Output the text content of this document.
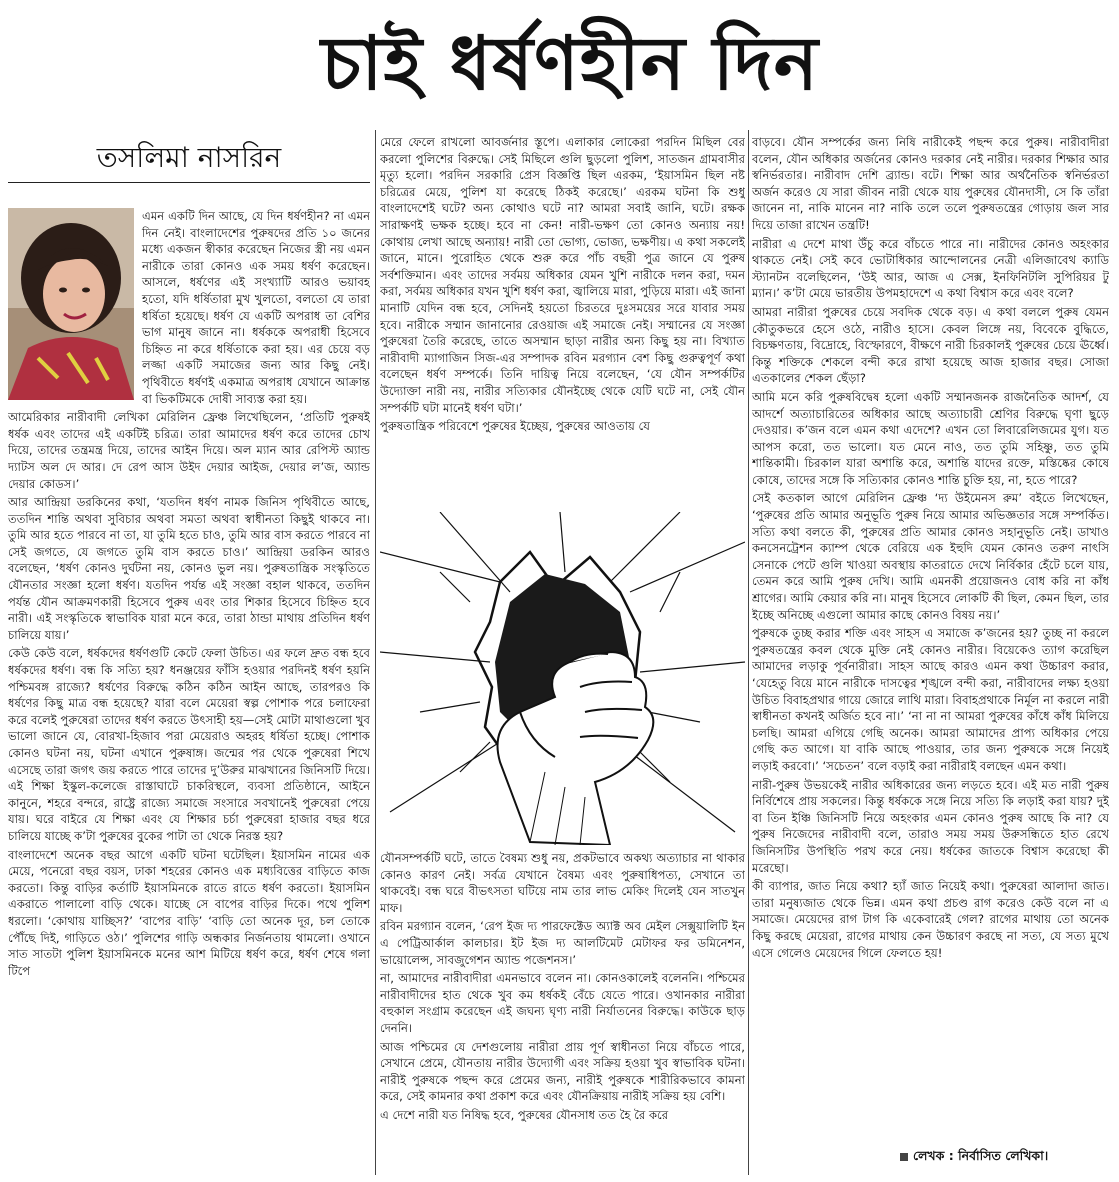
চাই ধর্ষণহীন দিন
তসলিমা নাসরিন

এমন একটি দিন আছে, যে দিন ধর্ষণহীন? না এমন দিন নেই। বাংলাদেশের পুরুষদের প্রতি ১০ জনের মধ্যে একজন স্বীকার করেছেন নিজের স্ত্রী নয় এমন নারীকে তারা কোনও এক সময় ধর্ষণ করেছেন। আসলে, ধর্ষণের এই সংখ্যাটি আরও ভয়াবহ হতো, যদি ধর্ষিতারা মুখ খুলতো, বলতো যে তারা ধর্ষিতা হয়েছে। ধর্ষণ যে একটি অপরাধ তা বেশির ভাগ মানুষ জানে না। ধর্ষককে অপরাধী হিসেবে চিহ্নিত না করে ধর্ষিতাকে করা হয়। এর চেয়ে বড় লজ্জা একটি সমাজের জন্য আর কিছু নেই। পৃথিবীতে ধর্ষণই একমাত্র অপরাধ যেখানে আক্রান্ত বা ভিকটিমকে দোষী সাব্যস্ত করা হয়।

আমেরিকার নারীবাদী লেখিকা মেরিলিন ফ্রেঞ্চ লিখেছিলেন, ‘প্রতিটি পুরুষই ধর্ষক এবং তাদের এই একটিই চরিত্র। তারা আমাদের ধর্ষণ করে তাদের চোখ দিয়ে, তাদের তন্ত্রমন্ত্র দিয়ে, তাদের আইন দিয়ে। অল ম্যান আর রেপিস্ট অ্যান্ড দ্যাটস অল দে আর। দে রেপ আস উইদ দেয়ার আইজ, দেয়ার ল’জ, অ্যান্ড দেয়ার কোডস।’

আর আন্দ্রিয়া ডরকিনের কথা, ‘যতদিন ধর্ষণ নামক জিনিস পৃথিবীতে আছে, ততদিন শান্তি অথবা সুবিচার অথবা সমতা অথবা স্বাধীনতা কিছুই থাকবে না। তুমি আর হতে পারবে না তা, যা তুমি হতে চাও, তুমি আর বাস করতে পারবে না সেই জগতে, যে জগতে তুমি বাস করতে চাও।’ আন্দ্রিয়া ডরকিন আরও বলেছেন, ‘ধর্ষণ কোনও দুর্ঘটনা নয়, কোনও ভুল নয়। পুরুষতান্ত্রিক সংস্কৃতিতে যৌনতার সংজ্ঞা হলো ধর্ষণ। যতদিন পর্যন্ত এই সংজ্ঞা বহাল থাকবে, ততদিন পর্যন্ত যৌন আক্রমণকারী হিসেবে পুরুষ এবং তার শিকার হিসেবে চিহ্নিত হবে নারী। এই সংস্কৃতিকে স্বাভাবিক যারা মনে করে, তারা ঠান্ডা মাথায় প্রতিদিন ধর্ষণ চালিয়ে যায়।’

কেউ কেউ বলে, ধর্ষকদের ধর্ষণগুটি কেটে ফেলা উচিত। এর ফলে দ্রুত বন্ধ হবে ধর্ষকদের ধর্ষণ। বন্ধ কি সত্যি হয়? ধনঞ্জয়ের ফাঁসি হওয়ার পরদিনই ধর্ষণ হয়নি পশ্চিমবঙ্গ রাজ্যে? ধর্ষণের বিরুদ্ধে কঠিন কঠিন আইন আছে, তারপরও কি ধর্ষণের কিছু মাত্র বন্ধ হয়েছে? যারা বলে মেয়েরা স্বল্প পোশাক পরে চলাফেরা করে বলেই পুরুষেরা তাদের ধর্ষণ করতে উৎসাহী হয়—সেই মোটা মাথাগুলো খুব ভালো জানে যে, বোরখা-হিজাব পরা মেয়েরাও অহরহ ধর্ষিতা হচ্ছে। পোশাক কোনও ঘটনা নয়, ঘটনা এখানে পুরুষাঙ্গ। জন্মের পর থেকে পুরুষেরা শিখে এসেছে তারা জগৎ জয় করতে পারে তাদের দু’উরুর মাঝখানের জিনিসটি দিয়ে। এই শিক্ষা ইস্কুল-কলেজে রাস্তাঘাটে চাকরিস্থলে, ব্যবসা প্রতিষ্ঠানে, আইনে কানুনে, শহরে বন্দরে, রাষ্ট্রে রাজ্যে সমাজে সংসারে সবখানেই পুরুষেরা পেয়ে যায়। ঘরে বাইরে যে শিক্ষা এবং যে শিক্ষার চর্চা পুরুষেরা হাজার বছর ধরে চালিয়ে যাচ্ছে ক’টা পুরুষের বুকের পাটা তা থেকে নিরস্ত হয়?

বাংলাদেশে অনেক বছর আগে একটি ঘটনা ঘটেছিল। ইয়াসমিন নামের এক মেয়ে, পনেরো বছর বয়স, ঢাকা শহরের কোনও এক মধ্যবিত্তের বাড়িতে কাজ করতো। কিন্তু বাড়ির কর্তাটি ইয়াসমিনকে রাতে রাতে ধর্ষণ করতো। ইয়াসমিন একরাতে পালালো বাড়ি থেকে। যাচ্ছে সে বাপের বাড়ির দিকে। পথে পুলিশ ধরলো। ‘কোথায় যাচ্ছিস?’ ‘বাপের বাড়ি’ ‘বাড়ি তো অনেক দূর, চল তোকে পৌঁছে দিই, গাড়িতে ওঠ।’ পুলিশের গাড়ি অন্ধকার নির্জনতায় থামলো। ওখানে সাত সাতটা পুলিশ ইয়াসমিনকে মনের আশ মিটিয়ে ধর্ষণ করে, ধর্ষণ শেষে গলা টিপে

মেরে ফেলে রাখলো আবর্জনার স্তূপে। এলাকার লোকেরা পরদিন মিছিল বের করলো পুলিশের বিরুদ্ধে। সেই মিছিলে গুলি ছুড়লো পুলিশ, সাতজন গ্রামবাসীর মৃত্যু হলো। পরদিন সরকারি প্রেস বিজ্ঞপ্তি ছিল এরকম, ‘ইয়াসমিন ছিল নষ্ট চরিত্রের মেয়ে, পুলিশ যা করেছে ঠিকই করেছে।’ এরকম ঘটনা কি শুধু বাংলাদেশেই ঘটে? অন্য কোথাও ঘটে না? আমরা সবাই জানি, ঘটে। রক্ষক সারাক্ষণই ভক্ষক হচ্ছে। হবে না কেন! নারী-ভক্ষণ তো কোনও অন্যায় নয়! কোথায় লেখা আছে অন্যায়! নারী তো ভোগ্য, ভোজ্য, ভক্ষণীয়। এ কথা সকলেই জানে, মানে। পুরোহিত থেকে শুরু করে পাঁচ বছরী পুত্র জানে যে পুরুষ সর্বশক্তিমান। এবং তাদের সর্বময় অধিকার যেমন খুশি নারীকে দলন করা, দমন করা, সর্বময় অধিকার যখন খুশি ধর্ষণ করা, জ্বালিয়ে মারা, পুড়িয়ে মারা। এই জানা মানাটি যেদিন বন্ধ হবে, সেদিনই হয়তো চিরতরে দুঃসময়ের সরে যাবার সময় হবে। নারীকে সম্মান জানানোর রেওয়াজ এই সমাজে নেই। সম্মানের যে সংজ্ঞা পুরুষেরা তৈরি করেছে, তাতে অসম্মান ছাড়া নারীর অন্য কিছু হয় না। বিখ্যাত নারীবাদী ম্যাগাজিন সিজ-এর সম্পাদক রবিন মরগ্যান বেশ কিছু গুরুত্বপূর্ণ কথা বলেছেন ধর্ষণ সম্পর্কে। তিনি দায়িত্ব নিয়ে বলেছেন, ‘যে যৌন সম্পর্কটির উদ্যোক্তা নারী নয়, নারীর সত্যিকার যৌনইচ্ছে থেকে যেটি ঘটে না, সেই যৌন সম্পর্কটি ঘটা মানেই ধর্ষণ ঘটা।’

পুরুষতান্ত্রিক পরিবেশে পুরুষের ইচ্ছেয়, পুরুষের আওতায় যে

যৌনসম্পর্কটি ঘটে, তাতে বৈষম্য শুধু নয়, প্রকটভাবে অকথ্য অত্যাচার না থাকার কোনও কারণ নেই। সর্বত্র যেখানে বৈষম্য এবং পুরুষাধিপত্য, সেখানে তা থাকবেই। বন্ধ ঘরে বীভৎসতা ঘটিয়ে নাম তার লাভ মেকিং দিলেই যেন সাতখুন মাফ।

রবিন মরগ্যান বলেন, ‘রেপ ইজ দ্য পারফেক্টেড অ্যাক্ট অব মেইল সেক্সুয়ালিটি ইন এ পেট্রিআর্কাল কালচার। ইট ইজ দ্য আলটিমেট মেটাফর ফর ডমিনেশন, ভায়োলেন্স, সাবজুগেশন অ্যান্ড পজেশনস।’

না, আমাদের নারীবাদীরা এমনভাবে বলেন না। কোনওকালেই বলেননি। পশ্চিমের নারীবাদীদের হাত থেকে খুব কম ধর্ষকই বেঁচে যেতে পারে। ওখানকার নারীরা বহুকাল সংগ্রাম করেছেন এই জঘন্য ঘৃণ্য নারী নির্যাতনের বিরুদ্ধে। কাউকে ছাড় দেননি।

আজ পশ্চিমের যে দেশগুলোয় নারীরা প্রায় পূর্ণ স্বাধীনতা নিয়ে বাঁচতে পারে, সেখানে প্রেমে, যৌনতায় নারীর উদ্যোগী এবং সক্রিয় হওয়া খুব স্বাভাবিক ঘটনা। নারীই পুরুষকে পছন্দ করে প্রেমের জন্য, নারীই পুরুষকে শারীরিকভাবে কামনা করে, সেই কামনার কথা প্রকাশ করে এবং যৌনক্রিয়ায় নারীই সক্রিয় হয় বেশি।

এ দেশে নারী যত নিষিদ্ধ হবে, পুরুষের যৌনসাধ তত হৈ রৈ করে

বাড়বে। যৌন সম্পর্কের জন্য নিষি নারীকেই পছন্দ করে পুরুষ। নারীবাদীরা বলেন, যৌন অধিকার অর্জনের কোনও দরকার নেই নারীর। দরকার শিক্ষার আর স্বনির্ভরতার। নারীবাদ দেশি ব্র্যান্ড। বটে। শিক্ষা আর অর্থনৈতিক স্বনির্ভরতা অর্জন করেও যে সারা জীবন নারী থেকে যায় পুরুষের যৌনদাসী, সে কি তাঁরা জানেন না, নাকি মানেন না? নাকি তলে তলে পুরুষতন্ত্রের গোড়ায় জল সার দিয়ে তাজা রাখেন তন্ত্রটি!

নারীরা এ দেশে মাথা উঁচু করে বাঁচতে পারে না। নারীদের কোনও অহংকার থাকতে নেই। সেই কবে ভোটাধিকার আন্দোলনের নেত্রী এলিজাবেথ ক্যাডি স্ট্যানটন বলেছিলেন, ‘উই আর, আজ এ সেক্স, ইনফিনিটলি সুপিরিয়র টু ম্যান।’ ক’টা মেয়ে ভারতীয় উপমহাদেশে এ কথা বিশ্বাস করে এবং বলে?

আমরা নারীরা পুরুষের চেয়ে সবদিক থেকে বড়। এ কথা বললে পুরুষ যেমন কৌতুকভরে হেসে ওঠে, নারীও হাসে। কেবল লিঙ্গে নয়, বিবেকে বুদ্ধিতে, বিচক্ষণতায়, বিদ্রোহে, বিস্ফোরণে, বীক্ষণে নারী চিরকালই পুরুষের চেয়ে ঊর্ধ্বে। কিন্তু শক্তিকে শেকলে বন্দী করে রাখা হয়েছে আজ হাজার বছর। সোজা এতকালের শেকল ছেঁড়া?

আমি মনে করি পুরুষবিদ্বেষ হলো একটি সম্মানজনক রাজনৈতিক আদর্শ, যে আদর্শে অত্যাচারিতের অধিকার আছে অত্যাচারী শ্রেণির বিরুদ্ধে ঘৃণা ছুড়ে দেওয়ার। ক’জন বলে এমন কথা এদেশে? এখন তো লিবারেলিজমের যুগ। যত আপস করো, তত ভালো। যত মেনে নাও, তত তুমি সহিষ্ণু, তত তুমি শান্তিকামী। চিরকাল যারা অশান্তি করে, অশান্তি যাদের রক্তে, মস্তিষ্কের কোষে কোষে, তাদের সঙ্গে কি সত্যিকার কোনও শান্তি চুক্তি হয়, না, হতে পারে?

সেই কতকাল আগে মেরিলিন ফ্রেঞ্চ ‘দ্য উইমেনস রুম’ বইতে লিখেছেন, ‘পুরুষের প্রতি আমার অনুভূতি পুরুষ নিয়ে আমার অভিজ্ঞতার সঙ্গে সম্পর্কিত। সত্যি কথা বলতে কী, পুরুষের প্রতি আমার কোনও সহানুভূতি নেই। ডাখাও কনসেনট্রেশন ক্যাম্প থেকে বেরিয়ে এক ইহুদি যেমন কোনও তরুণ নাৎসি সেনাকে পেটে গুলি খাওয়া অবস্থায় কাতরাতে দেখে নির্বিকার হেঁটে চলে যায়, তেমন করে আমি পুরুষ দেখি। আমি এমনকী প্রয়োজনও বোধ করি না কাঁধ শ্রাগের। আমি কেয়ার করি না। মানুষ হিসেবে লোকটি কী ছিল, কেমন ছিল, তার ইচ্ছে অনিচ্ছে এগুলো আমার কাছে কোনও বিষয় নয়।’

পুরুষকে তুচ্ছ করার শক্তি এবং সাহস এ সমাজে ক’জনের হয়? তুচ্ছ না করলে পুরুষতন্ত্রের কবল থেকে মুক্তি নেই কোনও নারীর। বিয়েকেও ত্যাগ করেছিল আমাদের লড়াকু পূর্বনারীরা। সাহস আছে কারও এমন কথা উচ্চারণ করার, ‘যেহেতু বিয়ে মানে নারীকে দাসত্বের শৃঙ্খলে বন্দী করা, নারীবাদের লক্ষ্য হওয়া উচিত বিবাহপ্রথার গায়ে জোরে লাথি মারা। বিবাহপ্রথাকে নির্মূল না করলে নারী স্বাধীনতা কখনই অর্জিত হবে না।’ ‘না না না আমরা পুরুষের কাঁধে কাঁধ মিলিয়ে চলছি। আমরা এগিয়ে গেছি অনেক। আমরা আমাদের প্রাপ্য অধিকার পেয়ে গেছি কত আগে। যা বাকি আছে পাওয়ার, তার জন্য পুরুষকে সঙ্গে নিয়েই লড়াই করবো।’ ‘সচেতন’ বলে বড়াই করা নারীরাই বলছেন এমন কথা।

নারী-পুরুষ উভয়কেই নারীর অধিকারের জন্য লড়তে হবে। এই মত নারী পুরুষ নির্বিশেষে প্রায় সকলের। কিন্তু ধর্ষককে সঙ্গে নিয়ে সত্যি কি লড়াই করা যায়? দুই বা তিন ইঞ্চি জিনিসটি নিয়ে অহংকার এমন কোনও পুরুষ আছে কি না? যে পুরুষ নিজেদের নারীবাদী বলে, তারাও সময় সময় উরুসন্ধিতে হাত রেখে জিনিসটির উপস্থিতি পরখ করে নেয়। ধর্ষকের জাতকে বিশ্বাস করেছো কী মরেছো।

কী ব্যাপার, জাত নিয়ে কথা? হ্যাঁ জাত নিয়েই কথা। পুরুষেরা আলাদা জাত। তারা মনুষ্যজাত থেকে ভিন্ন। এমন কথা প্রচণ্ড রাগ করেও কেউ বলে না এ সমাজে। মেয়েদের রাগ টাগ কি একেবারেই গেল? রাগের মাথায় তো অনেক কিছু করছে মেয়েরা, রাগের মাথায় কেন উচ্চারণ করছে না সত্য, যে সত্য মুখে এসে গেলেও মেয়েদের গিলে ফেলতে হয়!

লেখক : নির্বাসিত লেখিকা।
